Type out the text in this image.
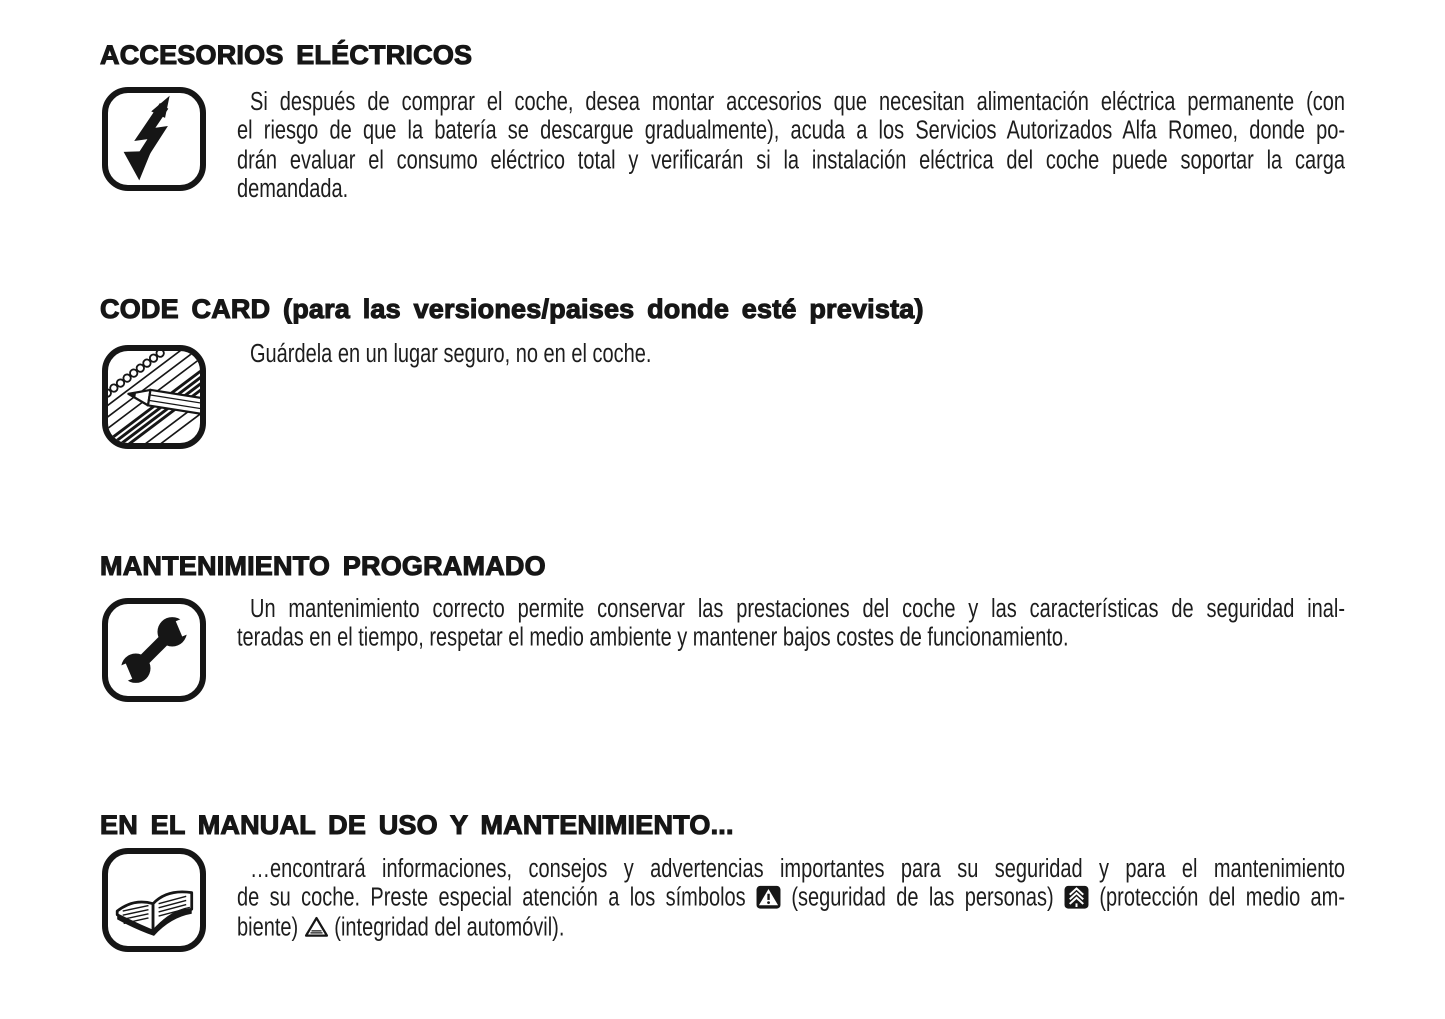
ACCESORIOS ELÉCTRICOS
Si después de comprar el coche, desea montar accesorios que necesitan alimentación eléctrica permanente (con
el riesgo de que la batería se descargue gradualmente), acuda a los Servicios Autorizados Alfa Romeo, donde po-
drán evaluar el consumo eléctrico total y verificarán si la instalación eléctrica del coche puede soportar la carga
demandada.
CODE CARD (para las versiones/paises donde esté prevista)
Guárdela en un lugar seguro, no en el coche.
MANTENIMIENTO PROGRAMADO
Un mantenimiento correcto permite conservar las prestaciones del coche y las características de seguridad inal-
teradas en el tiempo, respetar el medio ambiente y mantener bajos costes de funcionamiento.
EN EL MANUAL DE USO Y MANTENIMIENTO...
…encontrará informaciones, consejos y advertencias importantes para su seguridad y para el mantenimiento
de su coche. Preste especial atención a los símbolos (seguridad de las personas) (protección del medio am-
biente) (integridad del automóvil).
